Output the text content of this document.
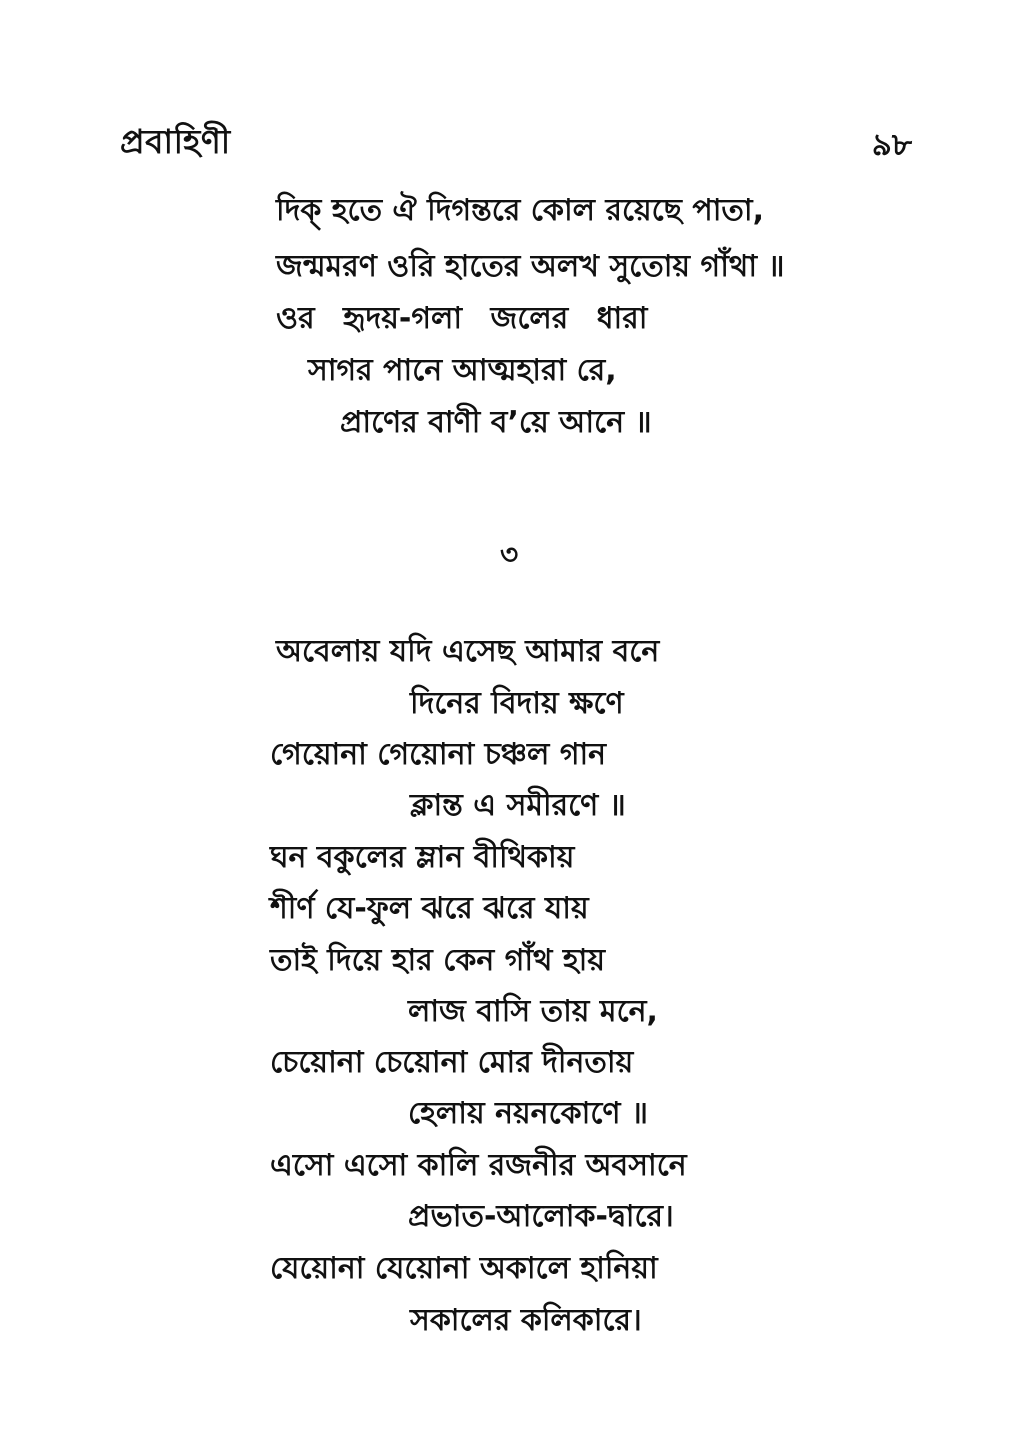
প্রবাহিণী	৯৮
দিক্‌ হতে ঐ দিগন্তরে কোল রয়েছে পাতা,
জন্মমরণ ওরি হাতের অলখ সুতোয় গাঁথা ॥
ওর হৃদয়-গলা জলের ধারা
সাগর পানে আত্মহারা রে,
প্রাণের বাণী ব’য়ে আনে ॥
৩
অবেলায় যদি এসেছ আমার বনে
দিনের বিদায় ক্ষণে
গেয়োনা গেয়োনা চঞ্চল গান
ক্লান্ত এ সমীরণে ॥
ঘন বকুলের ম্লান বীথিকায়
শীর্ণ যে-ফুল ঝরে ঝরে যায়
তাই দিয়ে হার কেন গাঁথ হায়
লাজ বাসি তায় মনে,
চেয়োনা চেয়োনা মোর দীনতায়
হেলায় নয়নকোণে ॥
এসো এসো কালি রজনীর অবসানে
প্রভাত-আলোক-দ্বারে।
যেয়োনা যেয়োনা অকালে হানিয়া
সকালের কলিকারে।
